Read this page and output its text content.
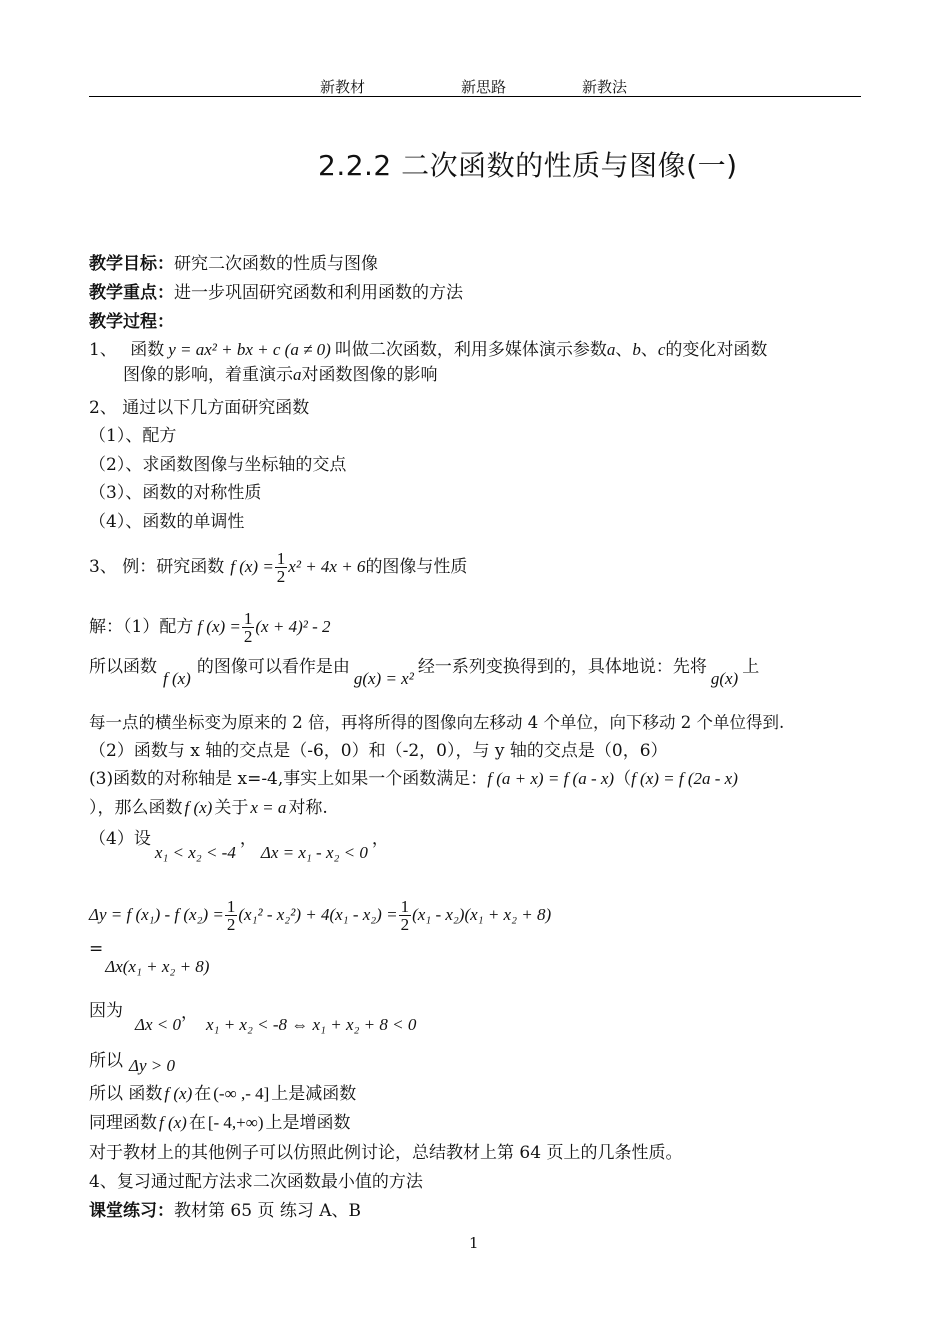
新教材	新思路	新教法
2.2.2 二次函数的性质与图像(一)
教学目标：研究二次函数的性质与图像
教学重点：进一步巩固研究函数和利用函数的方法
教学过程：
1、 函数 y = ax² + bx + c (a ≠ 0) 叫做二次函数，利用多媒体演示参数a、b、c的变化对函数
图像的影响，着重演示a对函数图像的影响
2、 通过以下几方面研究函数
（1）、配方
（2）、求函数图像与坐标轴的交点
（3）、函数的对称性质
（4）、函数的单调性
3、 例：研究函数 f $(x) = \frac{1}{2} x^2 + 4x + 6$的图像与性质
解：（1）配方 f $(x) = \frac{1}{2} (x + 4)^2 - 2$
所以函数f (x)的图像可以看作是由g(x) = x²经一系列变换得到的，具体地说：先将g(x)上
每一点的横坐标变为原来的 2 倍，再将所得的图像向左移动 4 个单位，向下移动 2 个单位得到.
（2）函数与 x 轴的交点是（-6，0）和（-2，0），与 y 轴的交点是（0，6）
(3)函数的对称轴是 x=-4,事实上如果一个函数满足：f (a + x) = f (a - x)（f (x) = f (2a - x)
），那么函数 f (x) 关于 x = a 对称.
（4）设x₁ < x₂ < -4，Δx = x₁ - x₂ < 0，
Δy = f (x₁) - f $(x_2) = \frac{1}{2} (x_1^2 - x_2^2) + 4(x_1 - x_2) = \frac{1}{2} (x_1 - x_2)(x_1 + x_2 + 8)$
=Δx(x₁ + x₂ + 8)
因为
Δx < 0，x₁ + x₂ < -8 ⇔ x₁ + x₂ + 8 < 0
所以 Δy > 0
所以 函数 f (x) 在 (-∞ ,- 4] 上是减函数
同理函数 f (x) 在 [- 4,+∞) 上是增函数
对于教材上的其他例子可以仿照此例讨论，总结教材上第 64 页上的几条性质。
4、复习通过配方法求二次函数最小值的方法
课堂练习：教材第 65 页 练习 A、B
1
